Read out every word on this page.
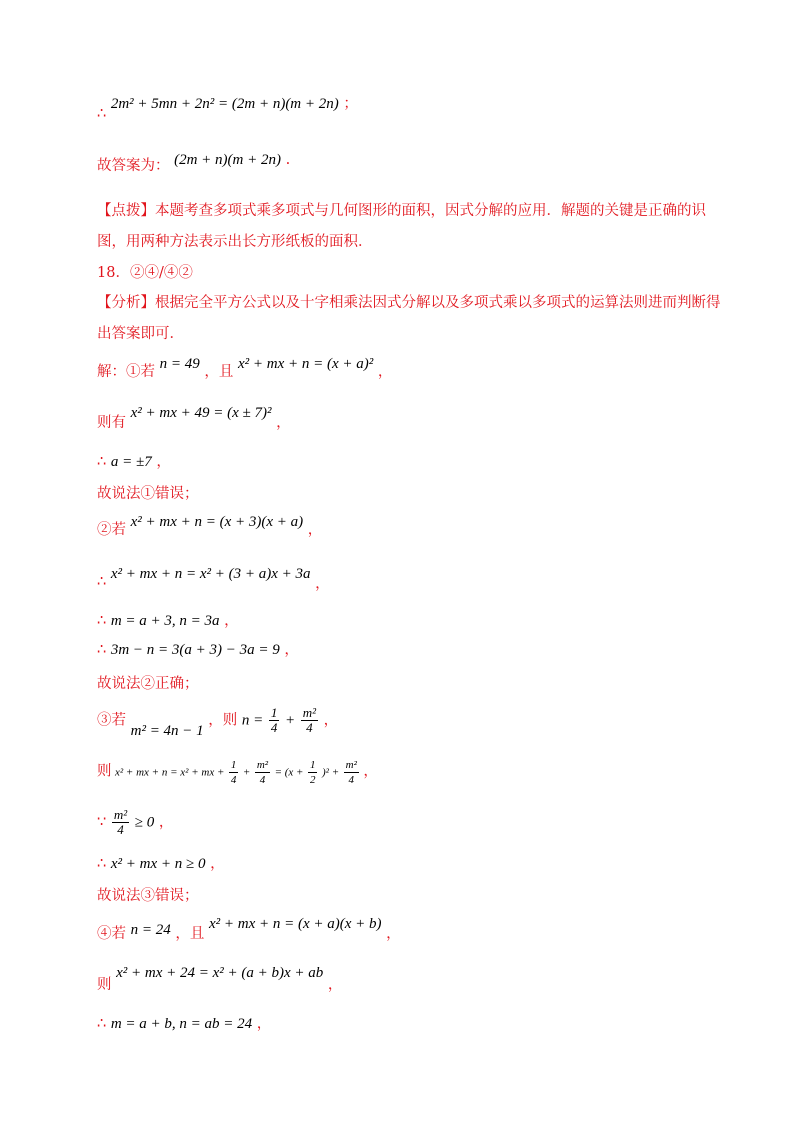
∴ 2m² + 5mn + 2n² = (2m + n)(m + 2n) ；
故答案为： (2m + n)(m + 2n) .
【点拨】本题考查多项式乘多项式与几何图形的面积，因式分解的应用．解题的关键是正确的识图，用两种方法表示出长方形纸板的面积．
18．②④/④②
【分析】根据完全平方公式以及十字相乘法因式分解以及多项式乘以多项式的运算法则进而判断得出答案即可．
解：①若 n = 49 ，且 x² + mx + n = (x + a)² ，
则有 x² + mx + 49 = (x ± 7)² ，
∴ a = ±7 ，
故说法①错误；
②若 x² + mx + n = (x + 3)(x + a) ，
∴ x² + mx + n = x² + (3 + a)x + 3a ，
∴ m = a + 3, n = 3a ，
∴ 3m − n = 3(a + 3) − 3a = 9 ，
故说法②正确；
③若 m² = 4n − 1 ，则 $n = \frac{1}{4} + \frac{\text{m²}}{4}$ ，
则 x² + mx + n = x² + mx + $\frac{1}{4} + \frac{\text{m²}}{4} = (x + \frac{1}{2} )^2 + \frac{\text{m²}}{4}$ ，
∵ $\frac{\text{m²}}{4} \ge 0$ ，
∴ x² + mx + n ≥ 0 ，
故说法③错误；
④若 n = 24 ，且 x² + mx + n = (x + a)(x + b) ，
则 x² + mx + 24 = x² + (a + b)x + ab ，
∴ m = a + b, n = ab = 24 ，
